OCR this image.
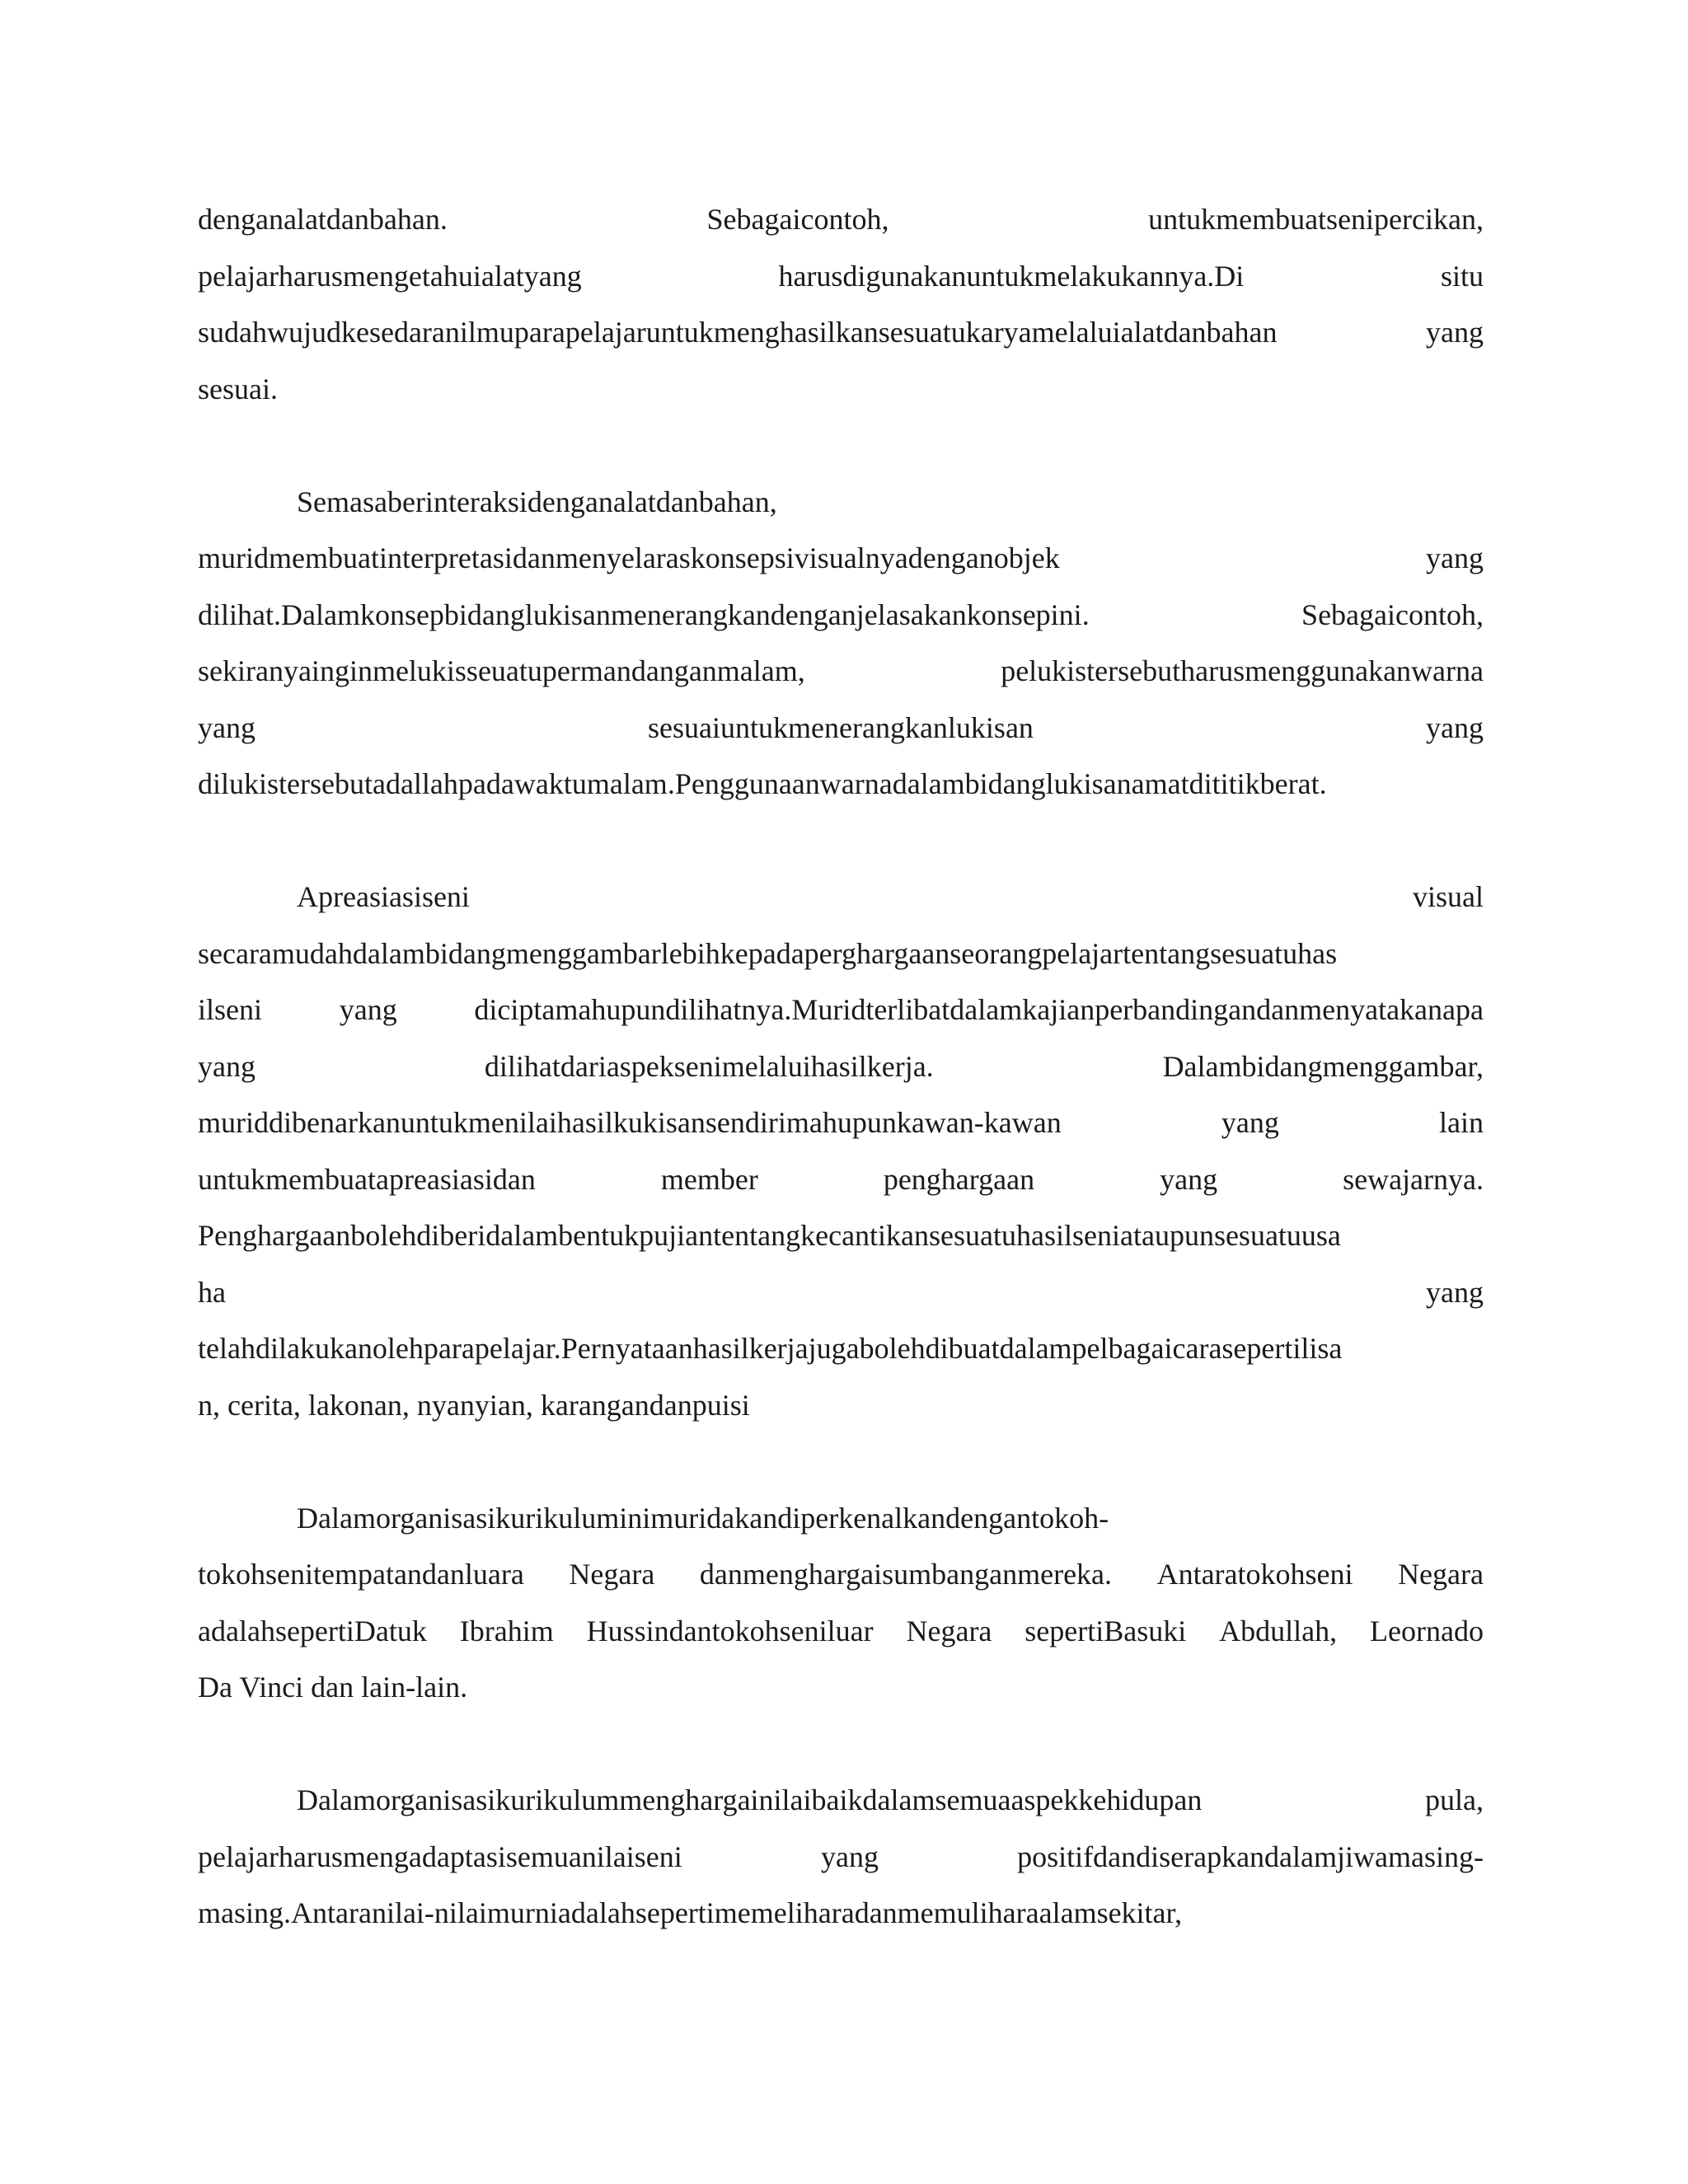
denganalatdanbahan.	Sebagaicontoh,	untukmembuatsenipercikan,
pelajarharusmengetahuialatyang	harusdigunakanuntukmelakukannya.Di	situ
sudahwujudkesedaranilmuparapelajaruntukmenghasilkansesuatukaryamelaluialatdanbahan	yang
sesuai.
Semasaberinteraksidenganalatdanbahan,
muridmembuatinterpretasidanmenyelaraskonsepsivisualnyadenganobjek	yang
dilihat.Dalamkonsepbidanglukisanmenerangkandenganjelasakankonsepini.	Sebagaicontoh,
sekiranyainginmelukisseuatupermandanganmalam,	pelukistersebutharusmenggunakanwarna
yang	sesuaiuntukmenerangkanlukisan	yang
dilukistersebutadallahpadawaktumalam.Penggunaanwarnadalambidanglukisanamatdititikberat.
Apreasiasiseni	visual
secaramudahdalambidangmenggambarlebihkepadaperghargaanseorangpelajartentangsesuatuhas
ilseni	yang	diciptamahupundilihatnya.Muridterlibatdalamkajianperbandingandanmenyatakanapa
yang	dilihatdariaspeksenimelaluihasilkerja.	Dalambidangmenggambar,
muriddibenarkanuntukmenilaihasilkukisansendirimahupunkawan-kawan	yang	lain
untukmembuatapreasiasidan	member	penghargaan	yang	sewajarnya.
Penghargaanbolehdiberidalambentukpujiantentangkecantikansesuatuhasilseniataupunsesuatuusa
ha	yang
telahdilakukanolehparapelajar.Pernyataanhasilkerjajugabolehdibuatdalampelbagaicarasepertilisa
n, cerita, lakonan, nyanyian, karangandanpuisi
Dalamorganisasikurikuluminimuridakandiperkenalkandengantokoh-
tokohsenitempatandanluara Negara danmenghargaisumbanganmereka. Antaratokohseni Negara
adalahsepertiDatuk Ibrahim Hussindantokohseniluar Negara sepertiBasuki Abdullah, Leornado
Da Vinci dan lain-lain.
Dalamorganisasikurikulummenghargainilaibaikdalamsemuaaspekkehidupan	pula,
pelajarharusmengadaptasisemuanilaiseni	yang	positifdandiserapkandalamjiwamasing-
masing.Antaranilai-nilaimurniadalahsepertimemeliharadanmemuliharaalamsekitar,
